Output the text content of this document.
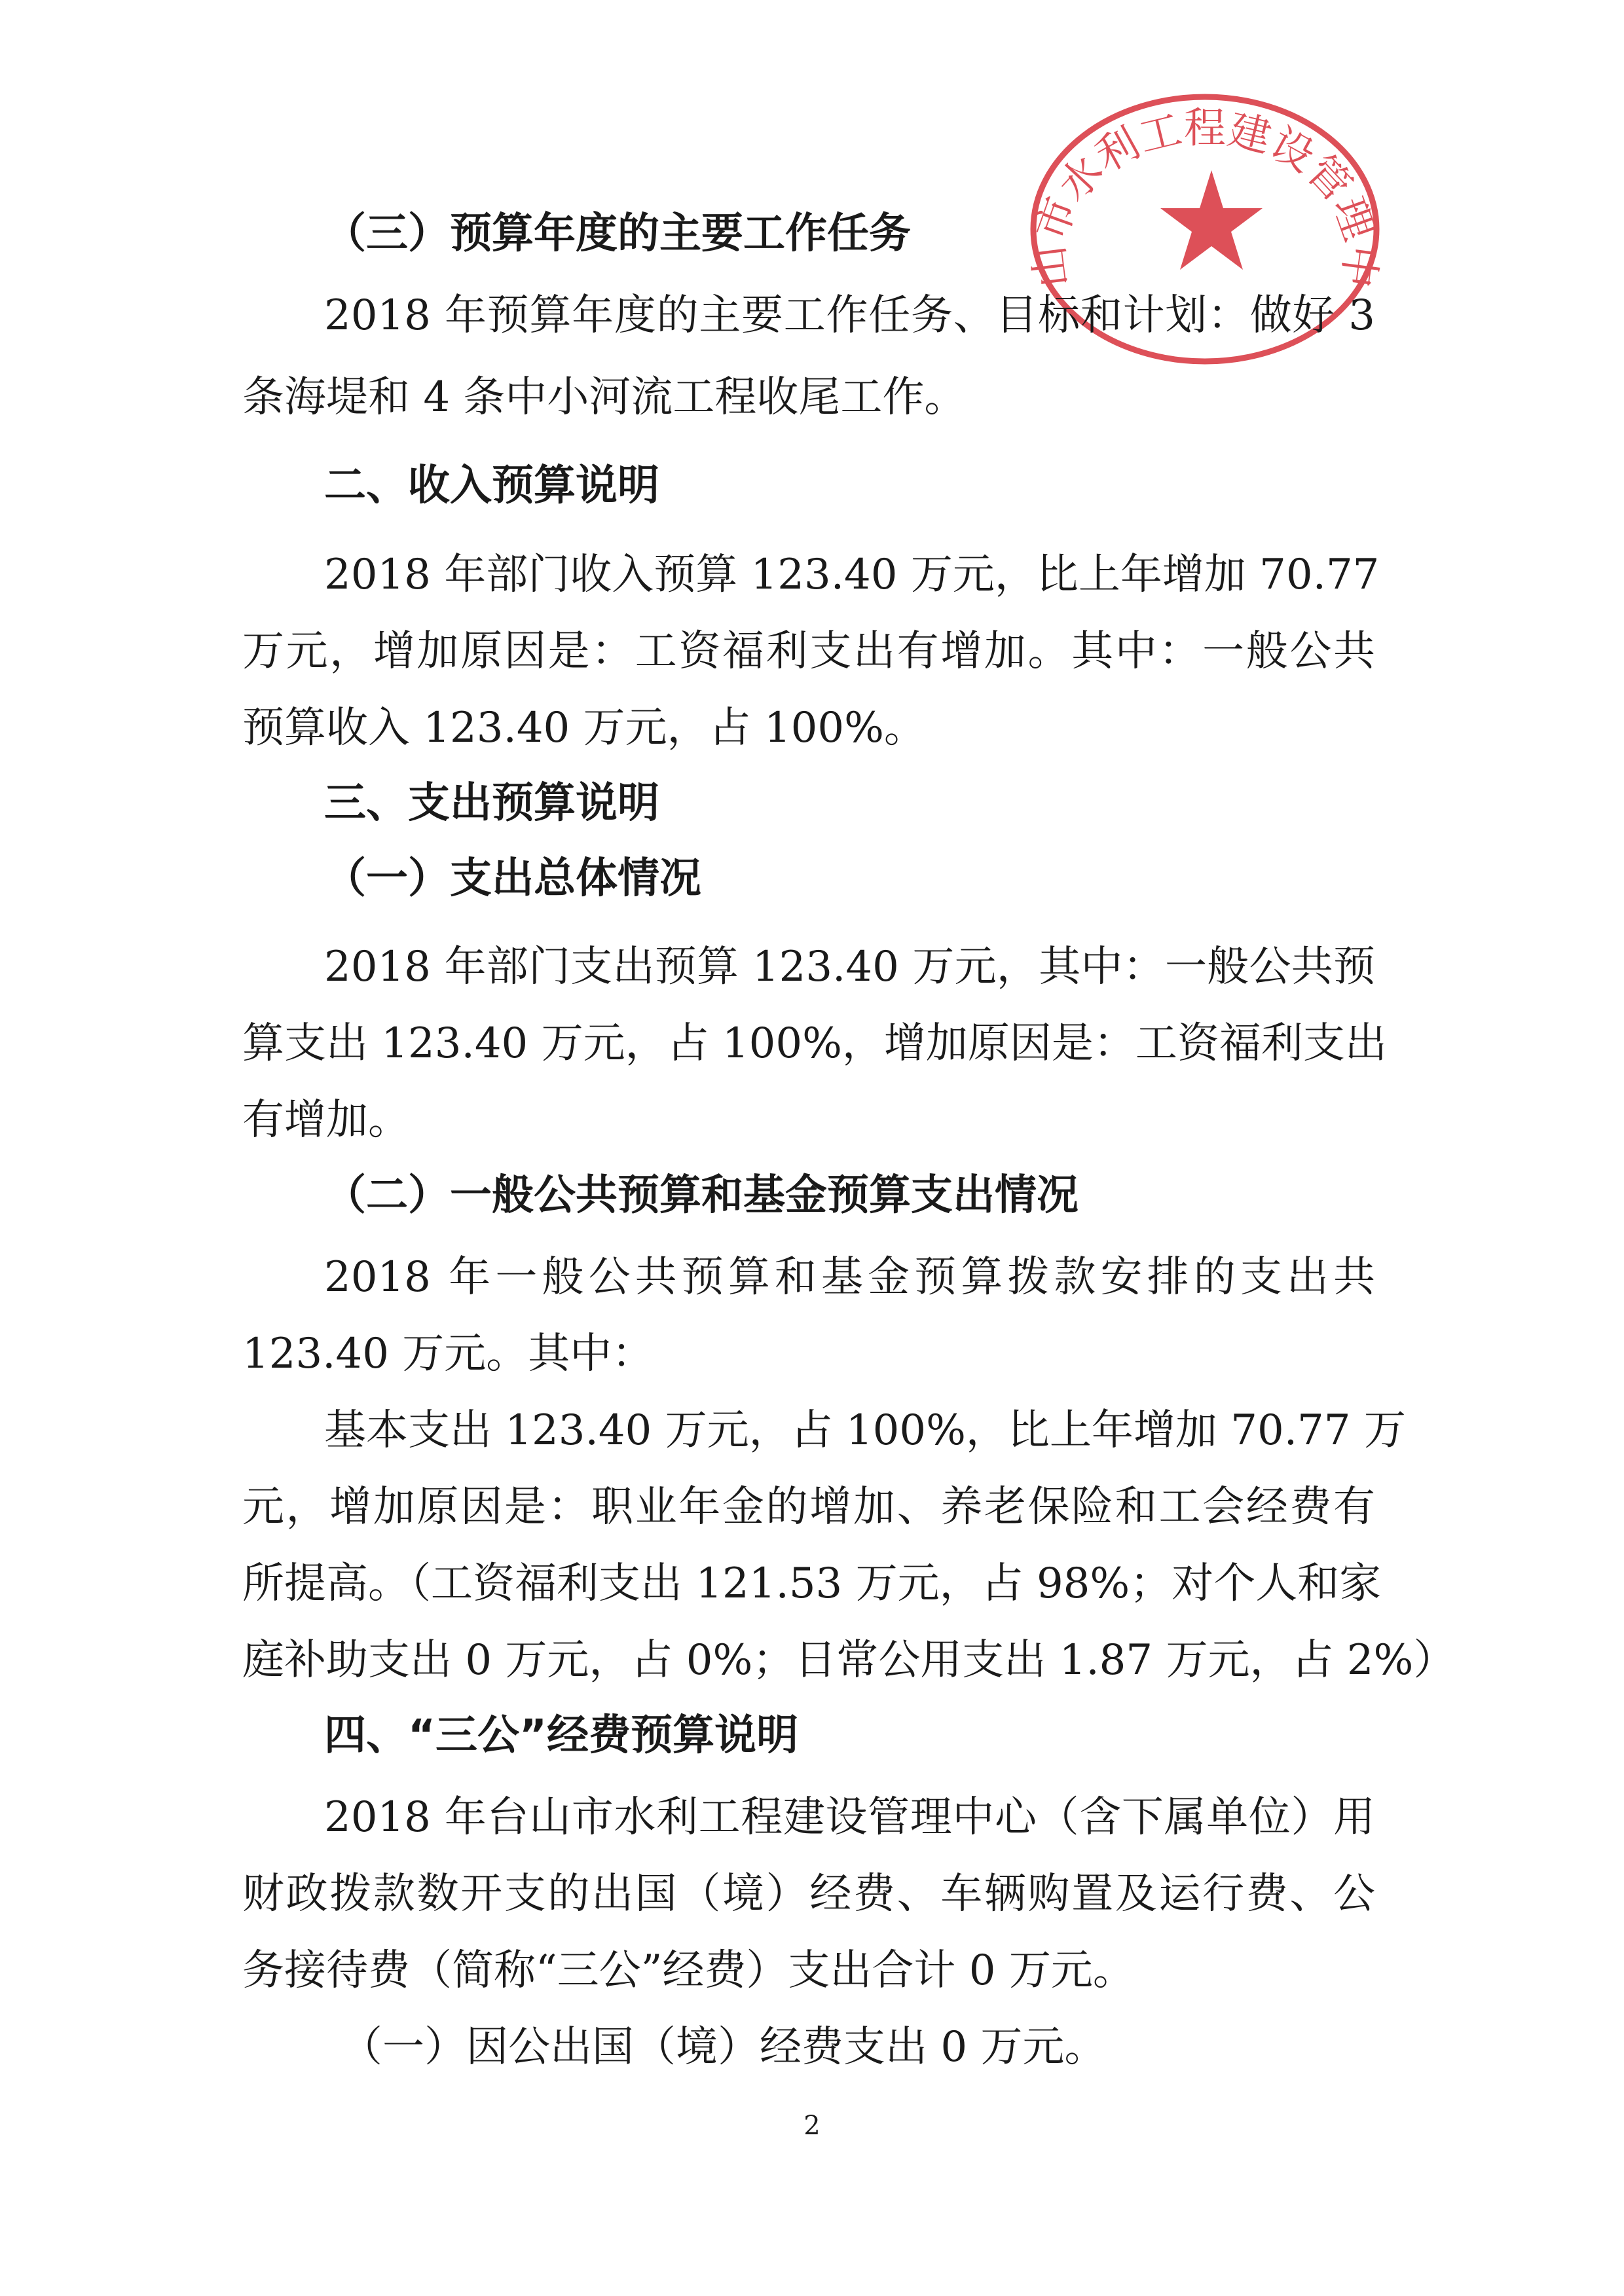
山市水利工程建设管理中
（三）预算年度的主要工作任务
2018 年预算年度的主要工作任务、目标和计划：做好 3
条海堤和 4 条中小河流工程收尾工作。
二、收入预算说明
2018 年部门收入预算 123.40 万元，比上年增加 70.77
万元，增加原因是：工资福利支出有增加。其中：一般公共
预算收入 123.40 万元，占 100%。
三、支出预算说明
（一）支出总体情况
2018 年部门支出预算 123.40 万元，其中：一般公共预
算支出 123.40 万元，占 100%，增加原因是：工资福利支出
有增加。
（二）一般公共预算和基金预算支出情况
2018 年一般公共预算和基金预算拨款安排的支出共
123.40 万元。其中：
基本支出 123.40 万元，占 100%，比上年增加 70.77 万
元，增加原因是：职业年金的增加、养老保险和工会经费有
所提高。（工资福利支出 121.53 万元，占 98%；对个人和家
庭补助支出 0 万元，占 0%；日常公用支出 1.87 万元，占 2%）
四、“三公”经费预算说明
2018 年台山市水利工程建设管理中心（含下属单位）用
财政拨款数开支的出国（境）经费、车辆购置及运行费、公
务接待费（简称“三公”经费）支出合计 0 万元。
（一）因公出国（境）经费支出 0 万元。
2
